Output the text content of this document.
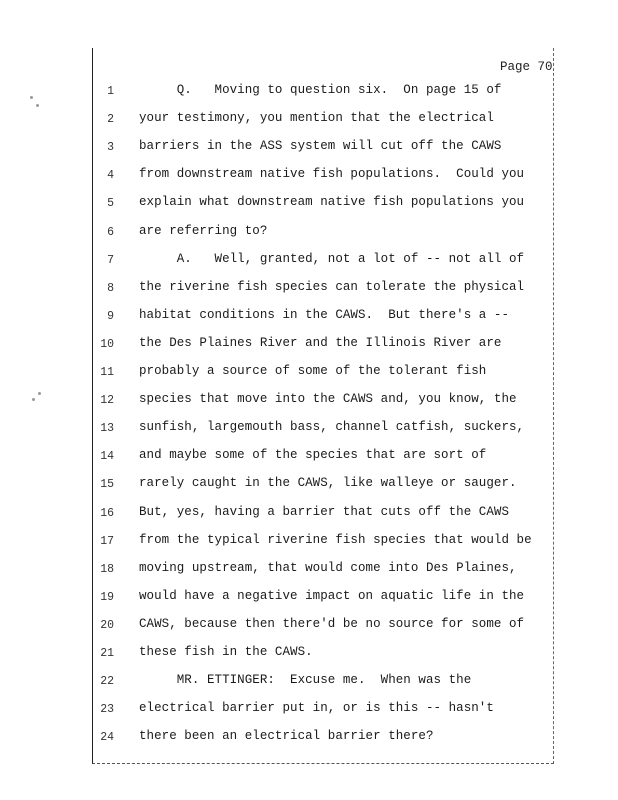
Page 70
1 Q.   Moving to question six.  On page 15 of
2 your testimony, you mention that the electrical
3 barriers in the ASS system will cut off the CAWS
4 from downstream native fish populations.  Could you
5 explain what downstream native fish populations you
6 are referring to?
7 A.   Well, granted, not a lot of -- not all of
8 the riverine fish species can tolerate the physical
9 habitat conditions in the CAWS.  But there's a --
10 the Des Plaines River and the Illinois River are
11 probably a source of some of the tolerant fish
12 species that move into the CAWS and, you know, the
13 sunfish, largemouth bass, channel catfish, suckers,
14 and maybe some of the species that are sort of
15 rarely caught in the CAWS, like walleye or sauger.
16 But, yes, having a barrier that cuts off the CAWS
17 from the typical riverine fish species that would be
18 moving upstream, that would come into Des Plaines,
19 would have a negative impact on aquatic life in the
20 CAWS, because then there'd be no source for some of
21 these fish in the CAWS.
22 MR. ETTINGER:  Excuse me.  When was the
23 electrical barrier put in, or is this -- hasn't
24 there been an electrical barrier there?
